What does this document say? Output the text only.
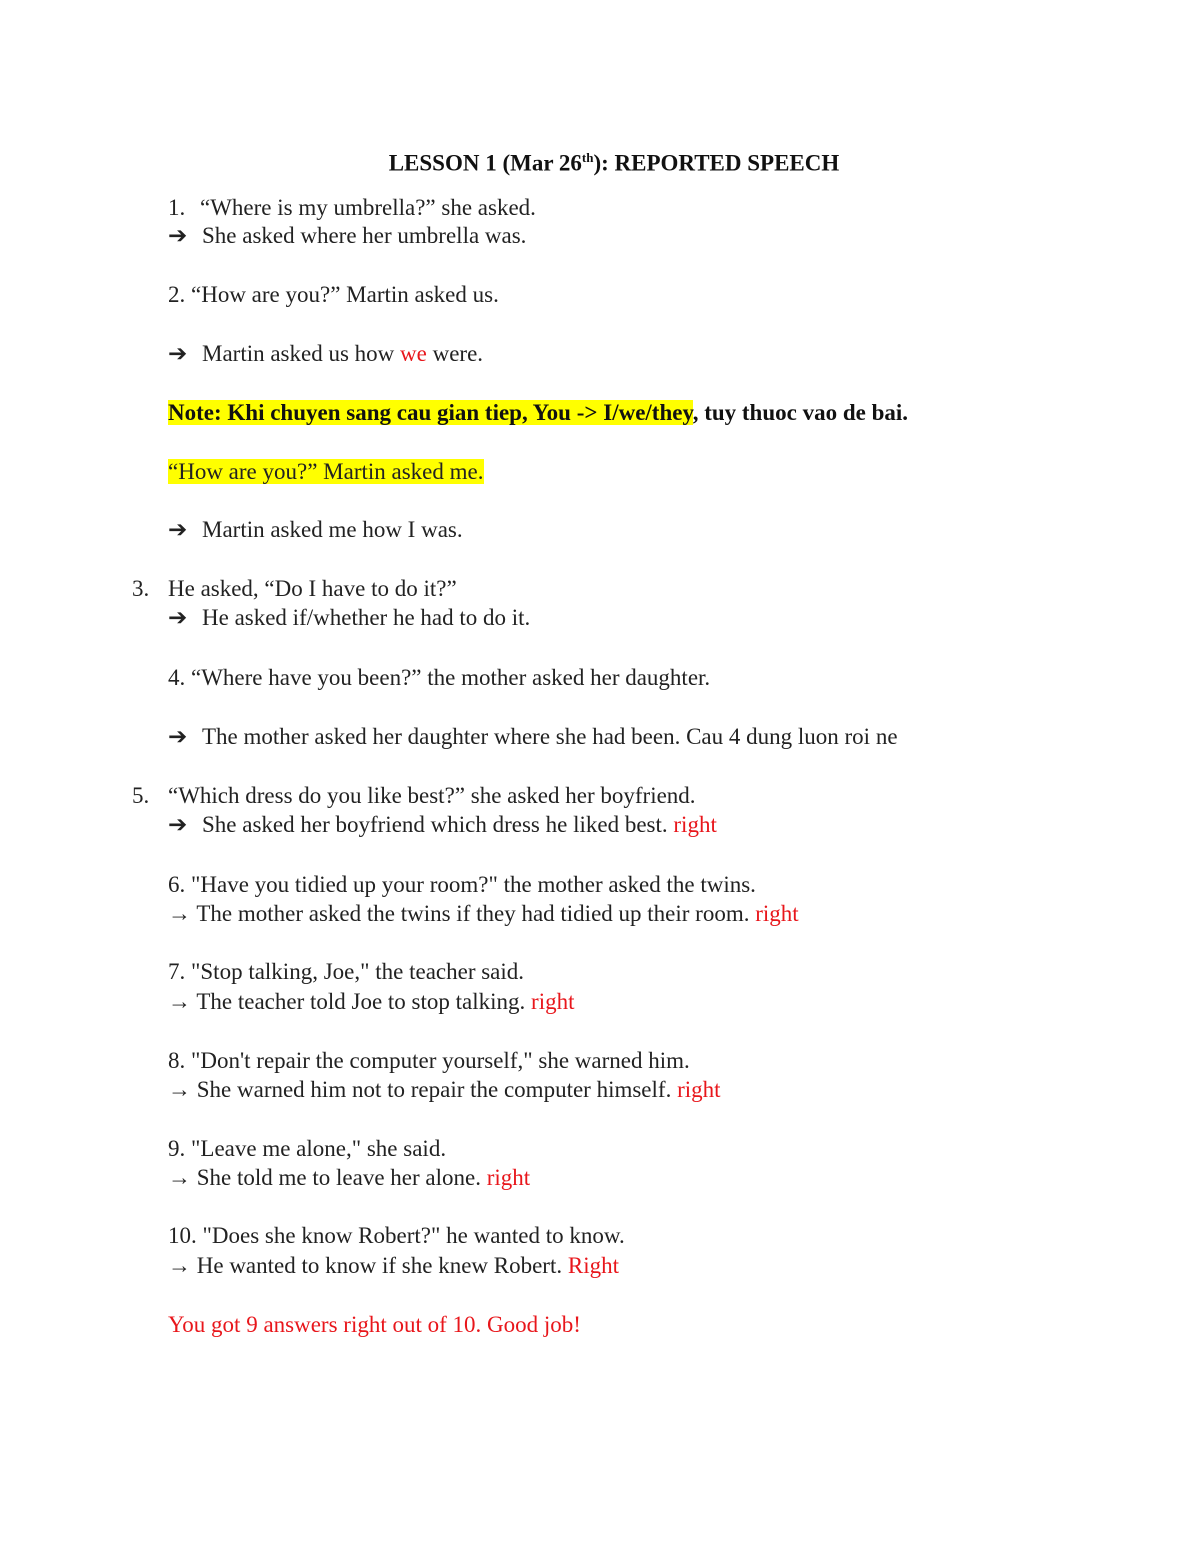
LESSON 1 (Mar 26th): REPORTED SPEECH
1. “Where is my umbrella?” she asked.
➔ She asked where her umbrella was.
2. “How are you?” Martin asked us.
➔ Martin asked us how we were.
Note: Khi chuyen sang cau gian tiep, You -> I/we/they, tuy thuoc vao de bai.
“How are you?” Martin asked me.
➔ Martin asked me how I was.
3. He asked, “Do I have to do it?”
➔ He asked if/whether he had to do it.
4. “Where have you been?” the mother asked her daughter.
➔ The mother asked her daughter where she had been. Cau 4 dung luon roi ne
5. “Which dress do you like best?” she asked her boyfriend.
➔ She asked her boyfriend which dress he liked best. right
6. "Have you tidied up your room?" the mother asked the twins.
→ The mother asked the twins if they had tidied up their room. right
7. "Stop talking, Joe," the teacher said.
→ The teacher told Joe to stop talking. right
8. "Don't repair the computer yourself," she warned him.
→ She warned him not to repair the computer himself. right
9. "Leave me alone," she said.
→ She told me to leave her alone. right
10. "Does she know Robert?" he wanted to know.
→ He wanted to know if she knew Robert. Right
You got 9 answers right out of 10. Good job!
